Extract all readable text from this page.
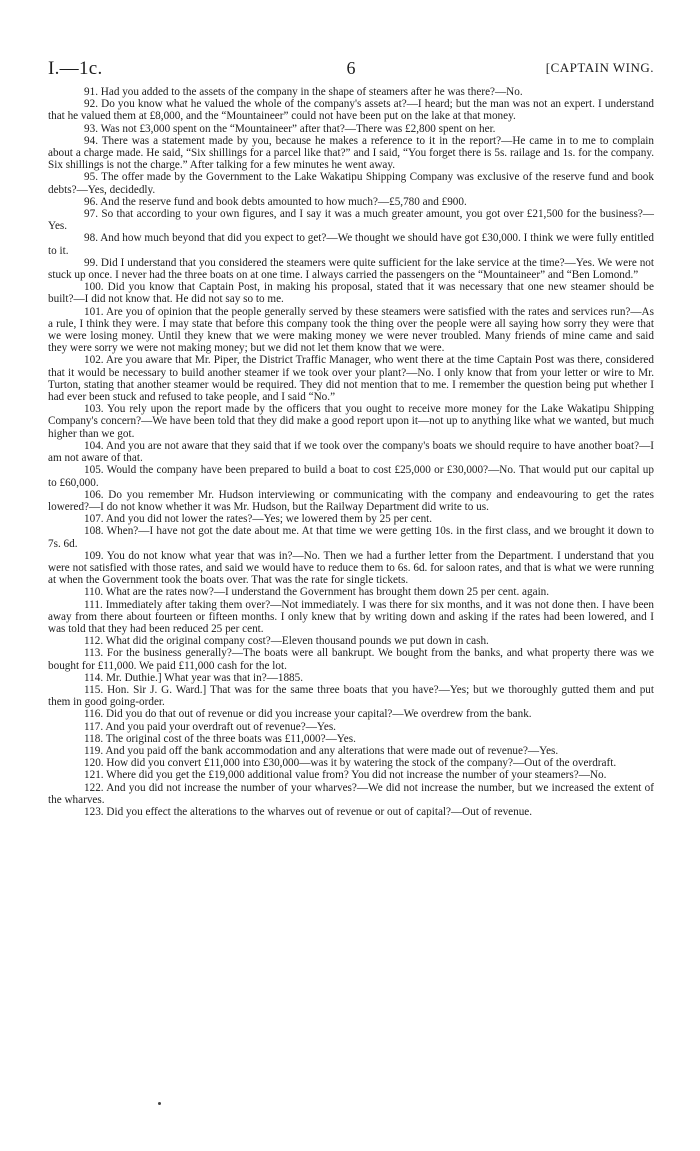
I.—1c.	6	[CAPTAIN WING.

91. Had you added to the assets of the company in the shape of steamers after he was there?—No.

92. Do you know what he valued the whole of the company's assets at?—I heard; but the man was not an expert. I understand that he valued them at £8,000, and the “Mountaineer” could not have been put on the lake at that money.

93. Was not £3,000 spent on the “Mountaineer” after that?—There was £2,800 spent on her.

94. There was a statement made by you, because he makes a reference to it in the report?—He came in to me to complain about a charge made. He said, “Six shillings for a parcel like that?” and I said, “You forget there is 5s. railage and 1s. for the company. Six shillings is not the charge.” After talking for a few minutes he went away.

95. The offer made by the Government to the Lake Wakatipu Shipping Company was exclusive of the reserve fund and book debts?—Yes, decidedly.

96. And the reserve fund and book debts amounted to how much?—£5,780 and £900.

97. So that according to your own figures, and I say it was a much greater amount, you got over £21,500 for the business?—Yes.

98. And how much beyond that did you expect to get?—We thought we should have got £30,000. I think we were fully entitled to it.

99. Did I understand that you considered the steamers were quite sufficient for the lake service at the time?—Yes. We were not stuck up once. I never had the three boats on at one time. I always carried the passengers on the “Mountaineer” and “Ben Lomond.”

100. Did you know that Captain Post, in making his proposal, stated that it was necessary that one new steamer should be built?—I did not know that. He did not say so to me.

101. Are you of opinion that the people generally served by these steamers were satisfied with the rates and services run?—As a rule, I think they were. I may state that before this company took the thing over the people were all saying how sorry they were that we were losing money. Until they knew that we were making money we were never troubled. Many friends of mine came and said they were sorry we were not making money; but we did not let them know that we were.

102. Are you aware that Mr. Piper, the District Traffic Manager, who went there at the time Captain Post was there, considered that it would be necessary to build another steamer if we took over your plant?—No. I only know that from your letter or wire to Mr. Turton, stating that another steamer would be required. They did not mention that to me. I remember the question being put whether I had ever been stuck and refused to take people, and I said “No.”

103. You rely upon the report made by the officers that you ought to receive more money for the Lake Wakatipu Shipping Company's concern?—We have been told that they did make a good report upon it—not up to anything like what we wanted, but much higher than we got.

104. And you are not aware that they said that if we took over the company's boats we should require to have another boat?—I am not aware of that.

105. Would the company have been prepared to build a boat to cost £25,000 or £30,000?—No. That would put our capital up to £60,000.

106. Do you remember Mr. Hudson interviewing or communicating with the company and endeavouring to get the rates lowered?—I do not know whether it was Mr. Hudson, but the Railway Department did write to us.

107. And you did not lower the rates?—Yes; we lowered them by 25 per cent.

108. When?—I have not got the date about me. At that time we were getting 10s. in the first class, and we brought it down to 7s. 6d.

109. You do not know what year that was in?—No. Then we had a further letter from the Department. I understand that you were not satisfied with those rates, and said we would have to reduce them to 6s. 6d. for saloon rates, and that is what we were running at when the Government took the boats over. That was the rate for single tickets.

110. What are the rates now?—I understand the Government has brought them down 25 per cent. again.

111. Immediately after taking them over?—Not immediately. I was there for six months, and it was not done then. I have been away from there about fourteen or fifteen months. I only knew that by writing down and asking if the rates had been lowered, and I was told that they had been reduced 25 per cent.

112. What did the original company cost?—Eleven thousand pounds we put down in cash.

113. For the business generally?—The boats were all bankrupt. We bought from the banks, and what property there was we bought for £11,000. We paid £11,000 cash for the lot.

114. Mr. Duthie.] What year was that in?—1885.

115. Hon. Sir J. G. Ward.] That was for the same three boats that you have?—Yes; but we thoroughly gutted them and put them in good going-order.

116. Did you do that out of revenue or did you increase your capital?—We overdrew from the bank.

117. And you paid your overdraft out of revenue?—Yes.

118. The original cost of the three boats was £11,000?—Yes.

119. And you paid off the bank accommodation and any alterations that were made out of revenue?—Yes.

120. How did you convert £11,000 into £30,000—was it by watering the stock of the company?—Out of the overdraft.

121. Where did you get the £19,000 additional value from? You did not increase the number of your steamers?—No.

122. And you did not increase the number of your wharves?—We did not increase the number, but we increased the extent of the wharves.

123. Did you effect the alterations to the wharves out of revenue or out of capital?—Out of revenue.
